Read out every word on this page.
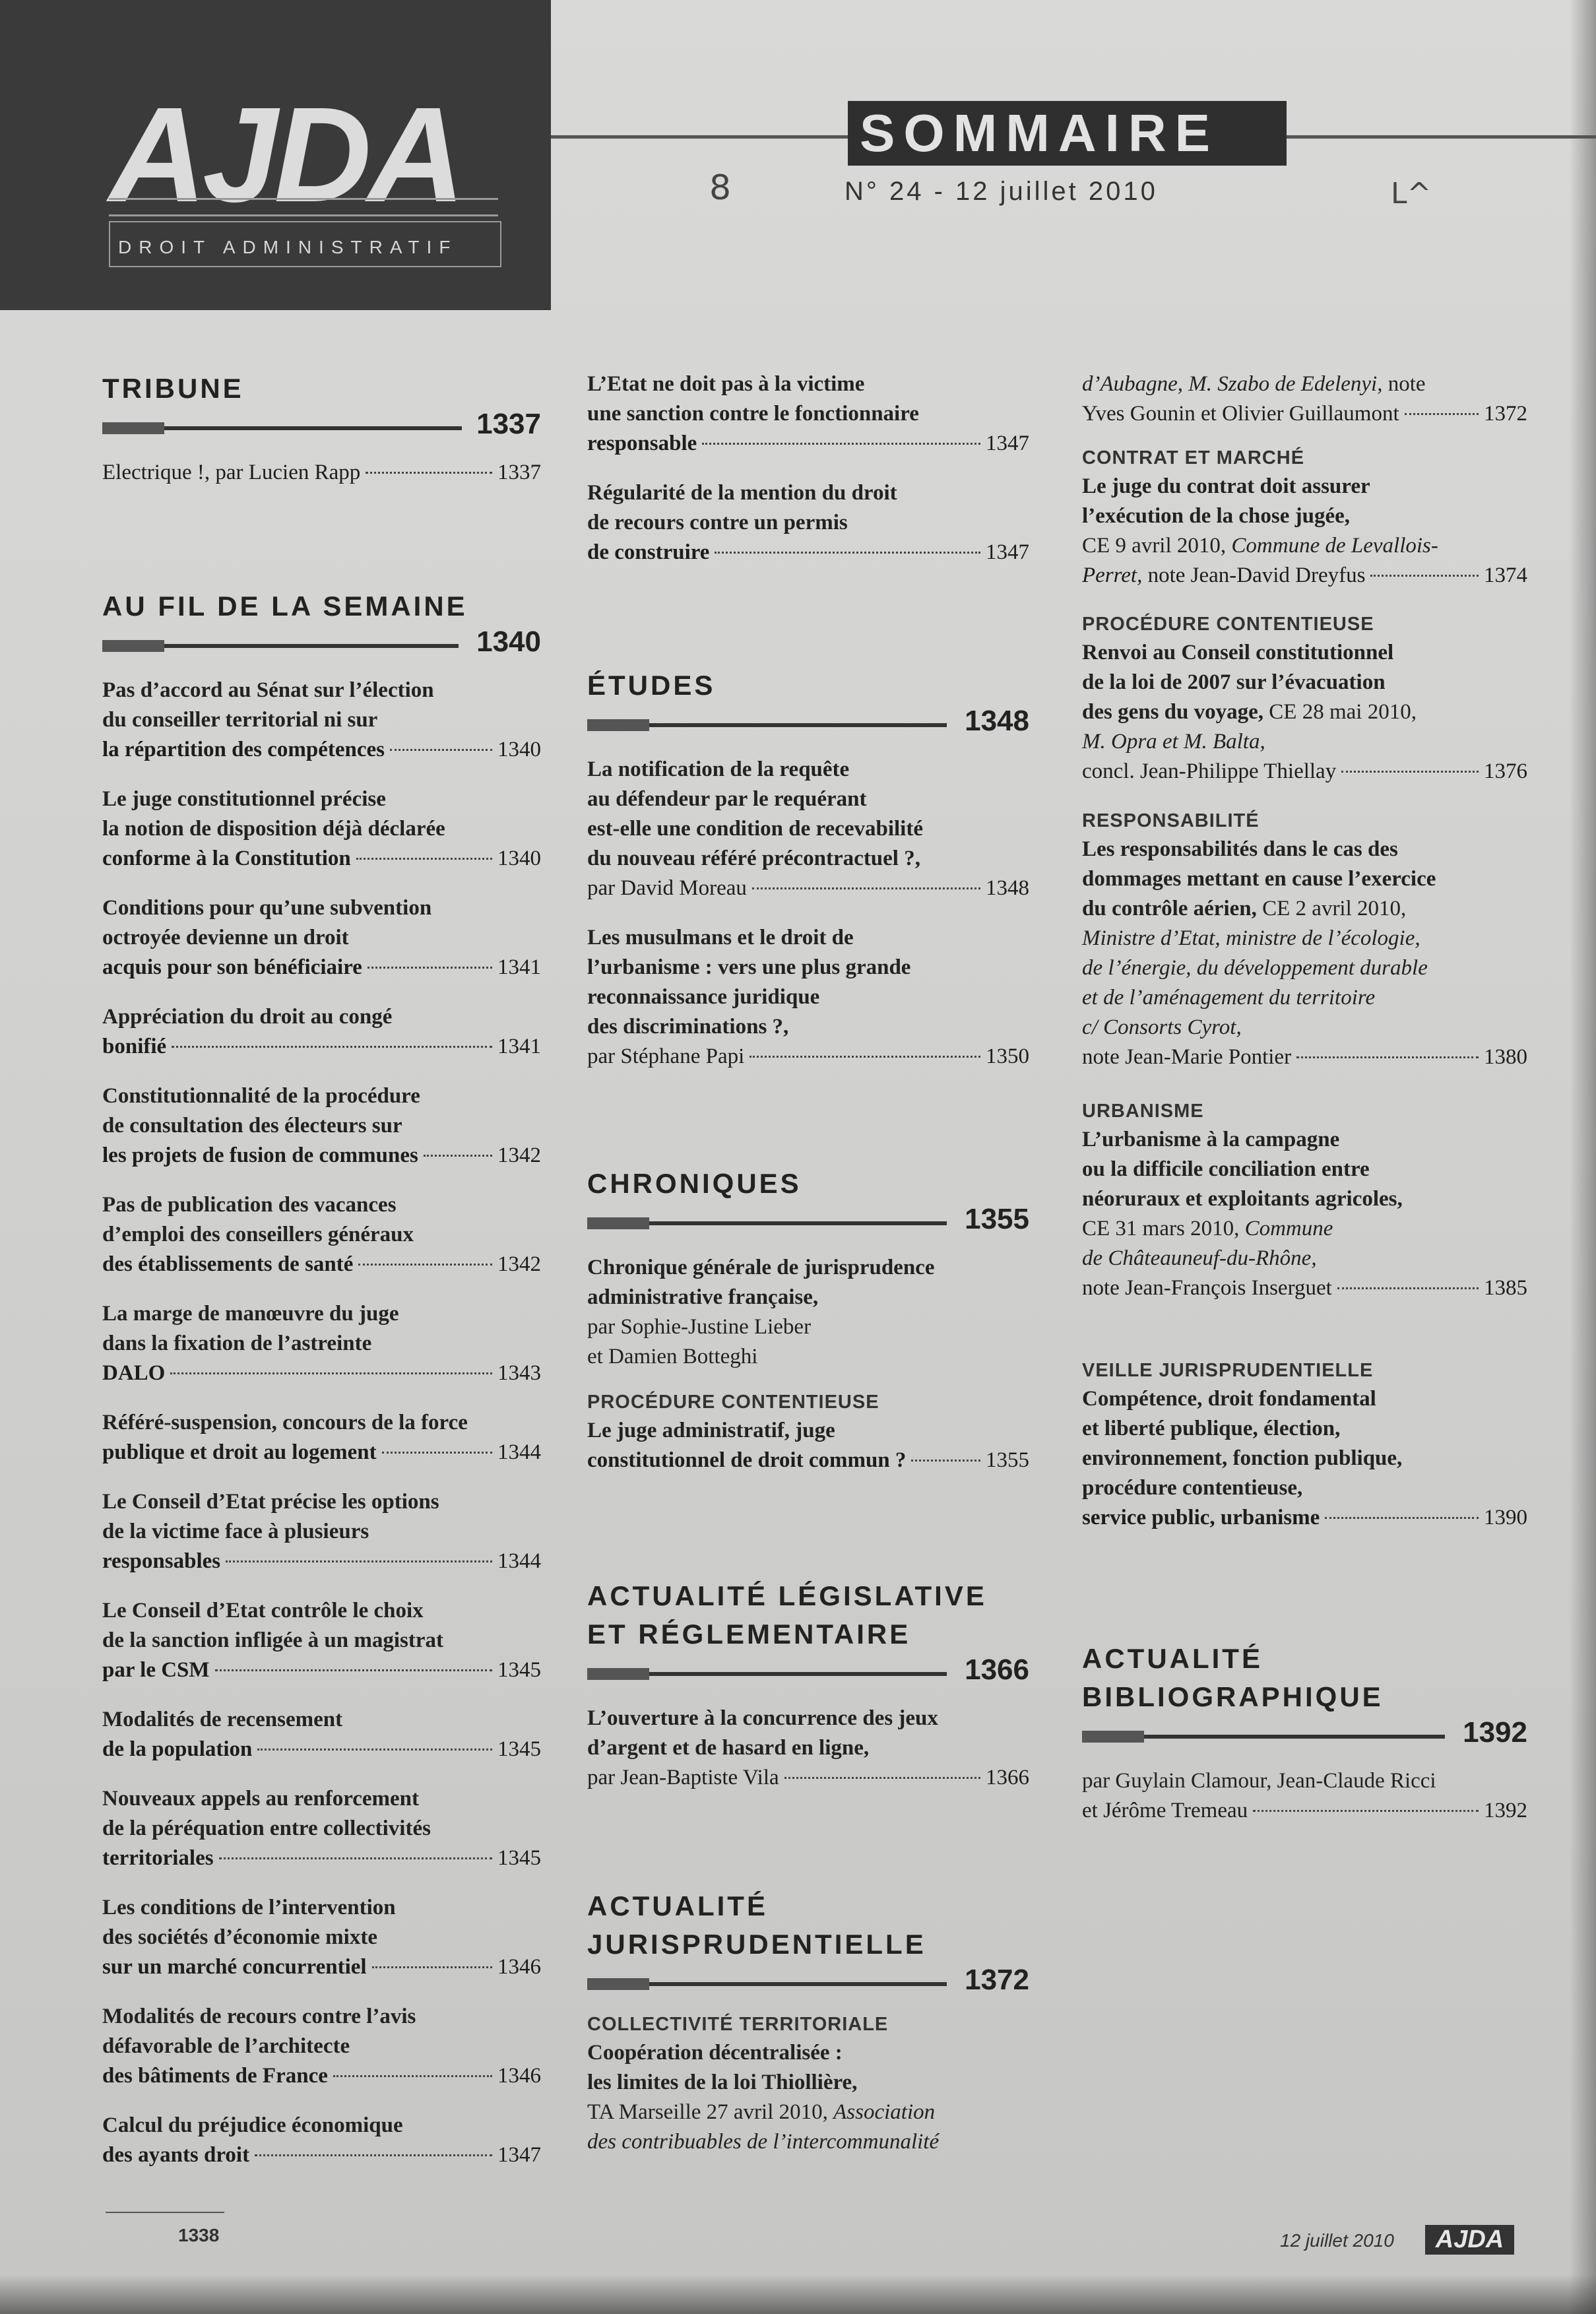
AJDA
DROIT ADMINISTRATIF
SOMMAIRE
N° 24 - 12 juillet 2010
8	L^
TRIBUNE
1337
Electrique !, par Lucien Rapp	1337
AU FIL DE LA SEMAINE
1340
Pas d’accord au Sénat sur l’élection
du conseiller territorial ni sur
la répartition des compétences	1340
Le juge constitutionnel précise
la notion de disposition déjà déclarée
conforme à la Constitution	1340
Conditions pour qu’une subvention
octroyée devienne un droit
acquis pour son bénéficiaire	1341
Appréciation du droit au congé
bonifié	1341
Constitutionnalité de la procédure
de consultation des électeurs sur
les projets de fusion de communes	1342
Pas de publication des vacances
d’emploi des conseillers généraux
des établissements de santé	1342
La marge de manœuvre du juge
dans la fixation de l’astreinte
DALO	1343
Référé-suspension, concours de la force
publique et droit au logement	1344
Le Conseil d’Etat précise les options
de la victime face à plusieurs
responsables	1344
Le Conseil d’Etat contrôle le choix
de la sanction infligée à un magistrat
par le CSM	1345
Modalités de recensement
de la population	1345
Nouveaux appels au renforcement
de la péréquation entre collectivités
territoriales	1345
Les conditions de l’intervention
des sociétés d’économie mixte
sur un marché concurrentiel	1346
Modalités de recours contre l’avis
défavorable de l’architecte
des bâtiments de France	1346
Calcul du préjudice économique
des ayants droit	1347
L’Etat ne doit pas à la victime
une sanction contre le fonctionnaire
responsable	1347
Régularité de la mention du droit
de recours contre un permis
de construire	1347
ÉTUDES
1348
La notification de la requête
au défendeur par le requérant
est-elle une condition de recevabilité
du nouveau référé précontractuel ?,
par David Moreau	1348
Les musulmans et le droit de
l’urbanisme : vers une plus grande
reconnaissance juridique
des discriminations ?,
par Stéphane Papi	1350
CHRONIQUES
1355
Chronique générale de jurisprudence
administrative française,
par Sophie-Justine Lieber
et Damien Botteghi
PROCÉDURE CONTENTIEUSE
Le juge administratif, juge
constitutionnel de droit commun ?	1355
ACTUALITÉ LÉGISLATIVE
ET RÉGLEMENTAIRE
1366
L’ouverture à la concurrence des jeux
d’argent et de hasard en ligne,
par Jean-Baptiste Vila	1366
ACTUALITÉ
JURISPRUDENTIELLE
1372
COLLECTIVITÉ TERRITORIALE
Coopération décentralisée :
les limites de la loi Thiollière,
TA Marseille 27 avril 2010, Association
des contribuables de l’intercommunalité
d’Aubagne, M. Szabo de Edelenyi, note
Yves Gounin et Olivier Guillaumont	1372
CONTRAT ET MARCHÉ
Le juge du contrat doit assurer
l’exécution de la chose jugée,
CE 9 avril 2010, Commune de Levallois-
Perret, note Jean-David Dreyfus	1374
PROCÉDURE CONTENTIEUSE
Renvoi au Conseil constitutionnel
de la loi de 2007 sur l’évacuation
des gens du voyage, CE 28 mai 2010,
M. Opra et M. Balta,
concl. Jean-Philippe Thiellay	1376
RESPONSABILITÉ
Les responsabilités dans le cas des
dommages mettant en cause l’exercice
du contrôle aérien, CE 2 avril 2010,
Ministre d’Etat, ministre de l’écologie,
de l’énergie, du développement durable
et de l’aménagement du territoire
c/ Consorts Cyrot,
note Jean-Marie Pontier	1380
URBANISME
L’urbanisme à la campagne
ou la difficile conciliation entre
néoruraux et exploitants agricoles,
CE 31 mars 2010, Commune
de Châteauneuf-du-Rhône,
note Jean-François Inserguet	1385
VEILLE JURISPRUDENTIELLE
Compétence, droit fondamental
et liberté publique, élection,
environnement, fonction publique,
procédure contentieuse,
service public, urbanisme	1390
ACTUALITÉ
BIBLIOGRAPHIQUE
1392
par Guylain Clamour, Jean-Claude Ricci
et Jérôme Tremeau	1392
1338	12 juillet 2010	AJDA
